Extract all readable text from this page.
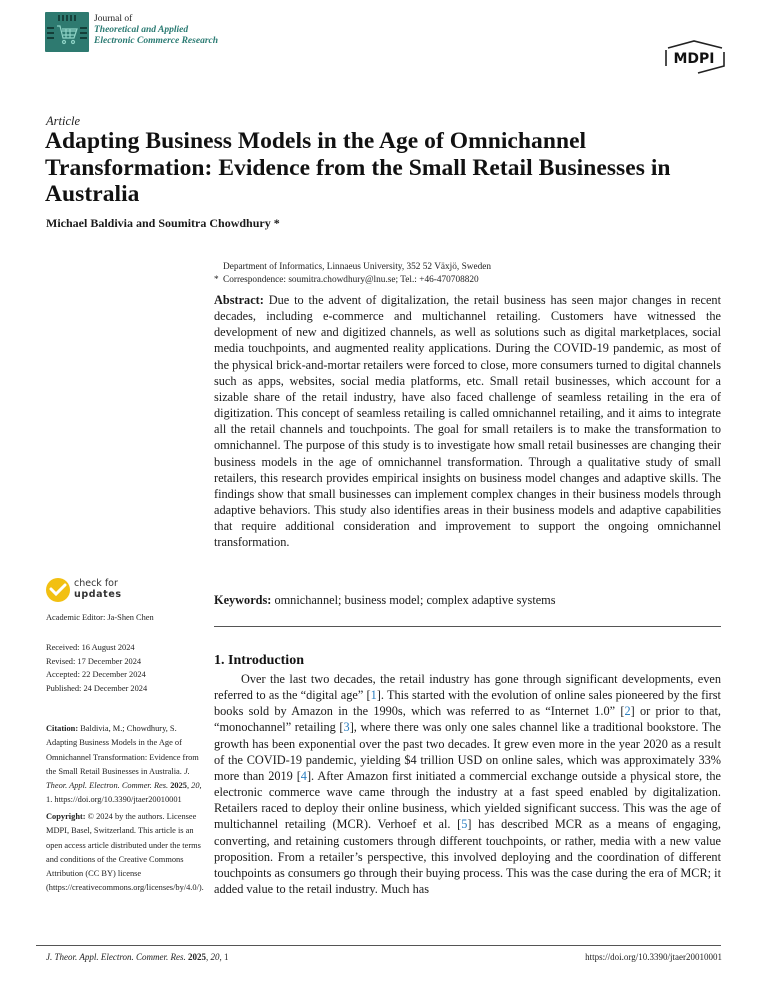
Journal of
Theoretical and Applied
Electronic Commerce Research
MDPI
Article
Adapting Business Models in the Age of Omnichannel Transformation: Evidence from the Small Retail Businesses in Australia
Michael Baldivia and Soumitra Chowdhury *
Department of Informatics, Linnaeus University, 352 52 Växjö, Sweden
* Correspondence: soumitra.chowdhury@lnu.se; Tel.: +46-470708820
Abstract: Due to the advent of digitalization, the retail business has seen major changes in recent decades, including e-commerce and multichannel retailing. Customers have witnessed the development of new and digitized channels, as well as solutions such as digital marketplaces, social media touchpoints, and augmented reality applications. During the COVID-19 pandemic, as most of the physical brick-and-mortar retailers were forced to close, more consumers turned to digital channels such as apps, websites, social media platforms, etc. Small retail businesses, which account for a sizable share of the retail industry, have also faced challenge of seamless retailing in the era of digitization. This concept of seamless retailing is called omnichannel retailing, and it aims to integrate all the retail channels and touchpoints. The goal for small retailers is to make the transformation to omnichannel. The purpose of this study is to investigate how small retail businesses are changing their business models in the age of omnichannel transformation. Through a qualitative study of small retailers, this research provides empirical insights on business model changes and adaptive skills. The findings show that small businesses can implement complex changes in their business models through adaptive behaviors. This study also identifies areas in their business models and adaptive capabilities that require additional consideration and improvement to support the ongoing omnichannel transformation.
Keywords: omnichannel; business model; complex adaptive systems
check for
updates
Academic Editor: Ja-Shen Chen
Received: 16 August 2024
Revised: 17 December 2024
Accepted: 22 December 2024
Published: 24 December 2024
Citation: Baldivia, M.; Chowdhury, S. Adapting Business Models in the Age of Omnichannel Transformation: Evidence from the Small Retail Businesses in Australia. J. Theor. Appl. Electron. Commer. Res. 2025, 20, 1. https://doi.org/10.3390/jtaer20010001
Copyright: © 2024 by the authors. Licensee MDPI, Basel, Switzerland. This article is an open access article distributed under the terms and conditions of the Creative Commons Attribution (CC BY) license (https://creativecommons.org/licenses/by/4.0/).
1. Introduction
Over the last two decades, the retail industry has gone through significant developments, even referred to as the “digital age” [1]. This started with the evolution of online sales pioneered by the first books sold by Amazon in the 1990s, which was referred to as “Internet 1.0” [2] or prior to that, “monochannel” retailing [3], where there was only one sales channel like a traditional bookstore. The growth has been exponential over the past two decades. It grew even more in the year 2020 as a result of the COVID-19 pandemic, yielding $4 trillion USD on online sales, which was approximately 33% more than 2019 [4]. After Amazon first initiated a commercial exchange outside a physical store, the electronic commerce wave came through the industry at a fast speed enabled by digitalization. Retailers raced to deploy their online business, which yielded significant success. This was the age of multichannel retailing (MCR). Verhoef et al. [5] has described MCR as a means of engaging, converting, and retaining customers through different touchpoints, or rather, media with a new value proposition. From a retailer’s perspective, this involved deploying and the coordination of different touchpoints as consumers go through their buying process. This was the case during the era of MCR; it added value to the retail industry. Much has
J. Theor. Appl. Electron. Commer. Res. 2025, 20, 1	https://doi.org/10.3390/jtaer20010001
